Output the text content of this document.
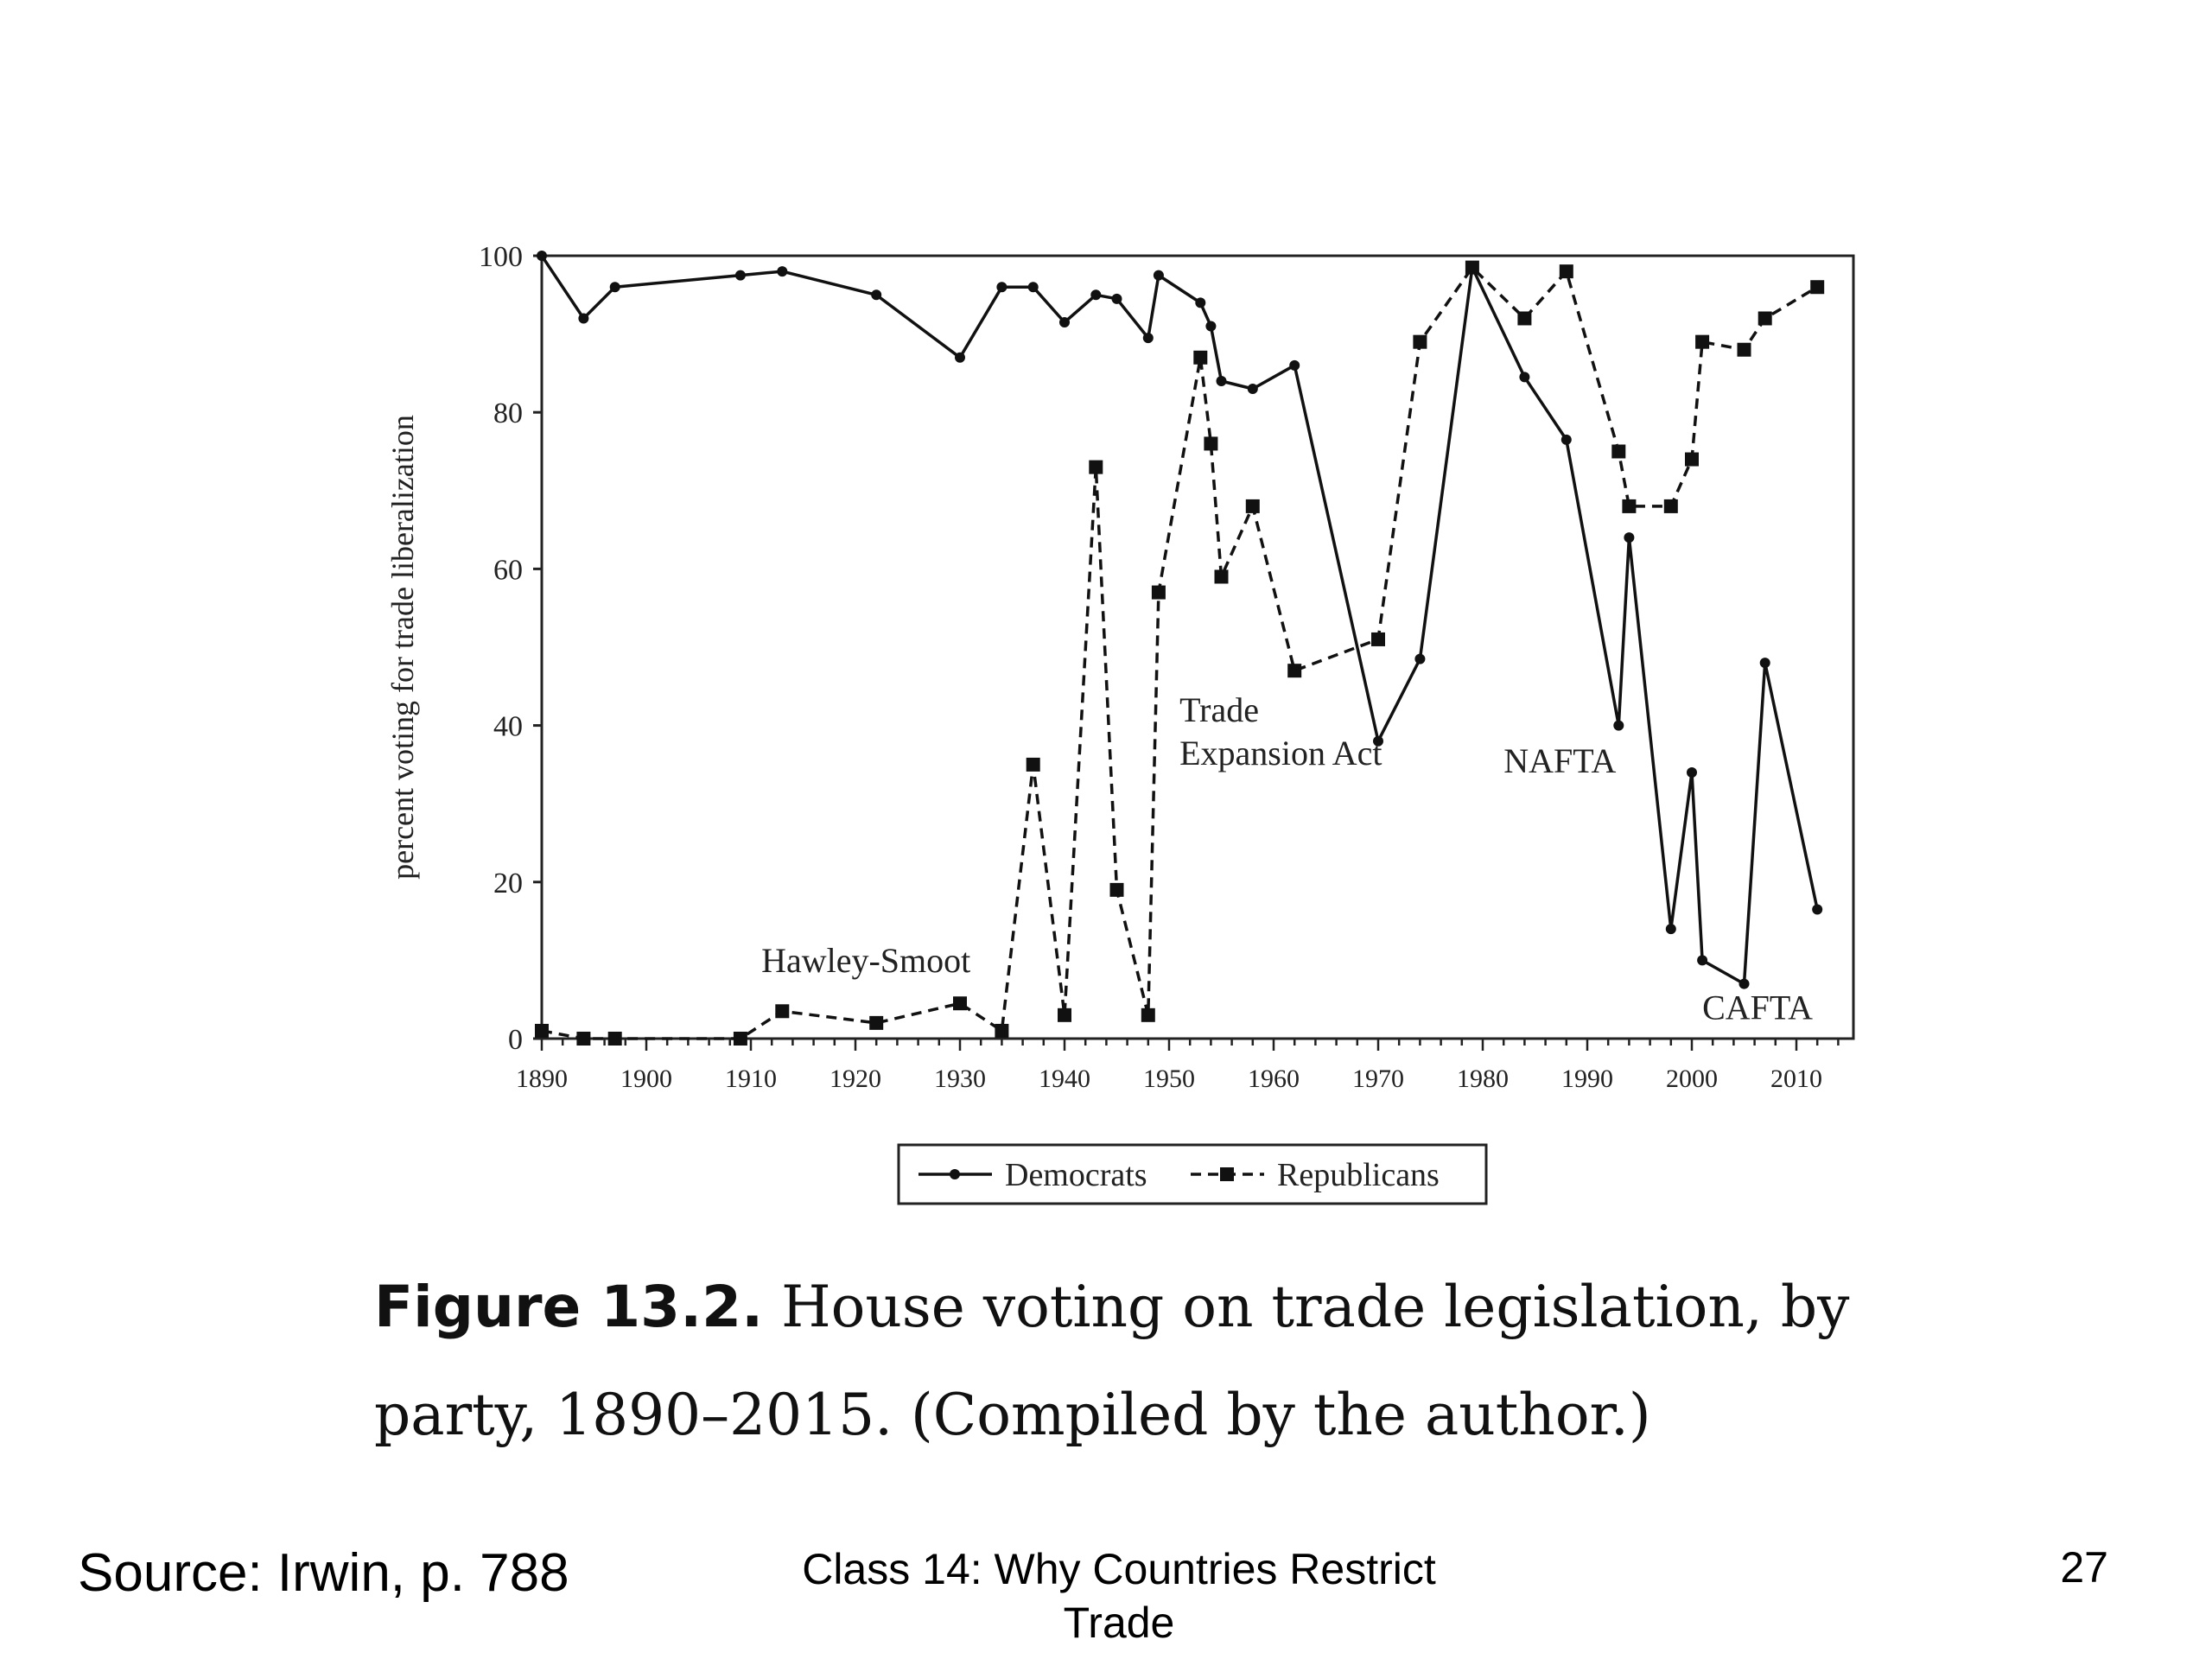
percent voting for trade liberalization
0
20
40
60
80
100
1890 1900 1910 1920 1930 1940 1950 1960 1970 1980 1990 2000 2010
Hawley-Smoot
Trade
Expansion Act	NAFTA
CAFTA
Democrats	Republicans
Figure 13.2. House voting on trade legislation, by
party, 1890–2015. (Compiled by the author.)
Source: Irwin, p. 788	Class 14: Why Countries Restrict
Trade
27
